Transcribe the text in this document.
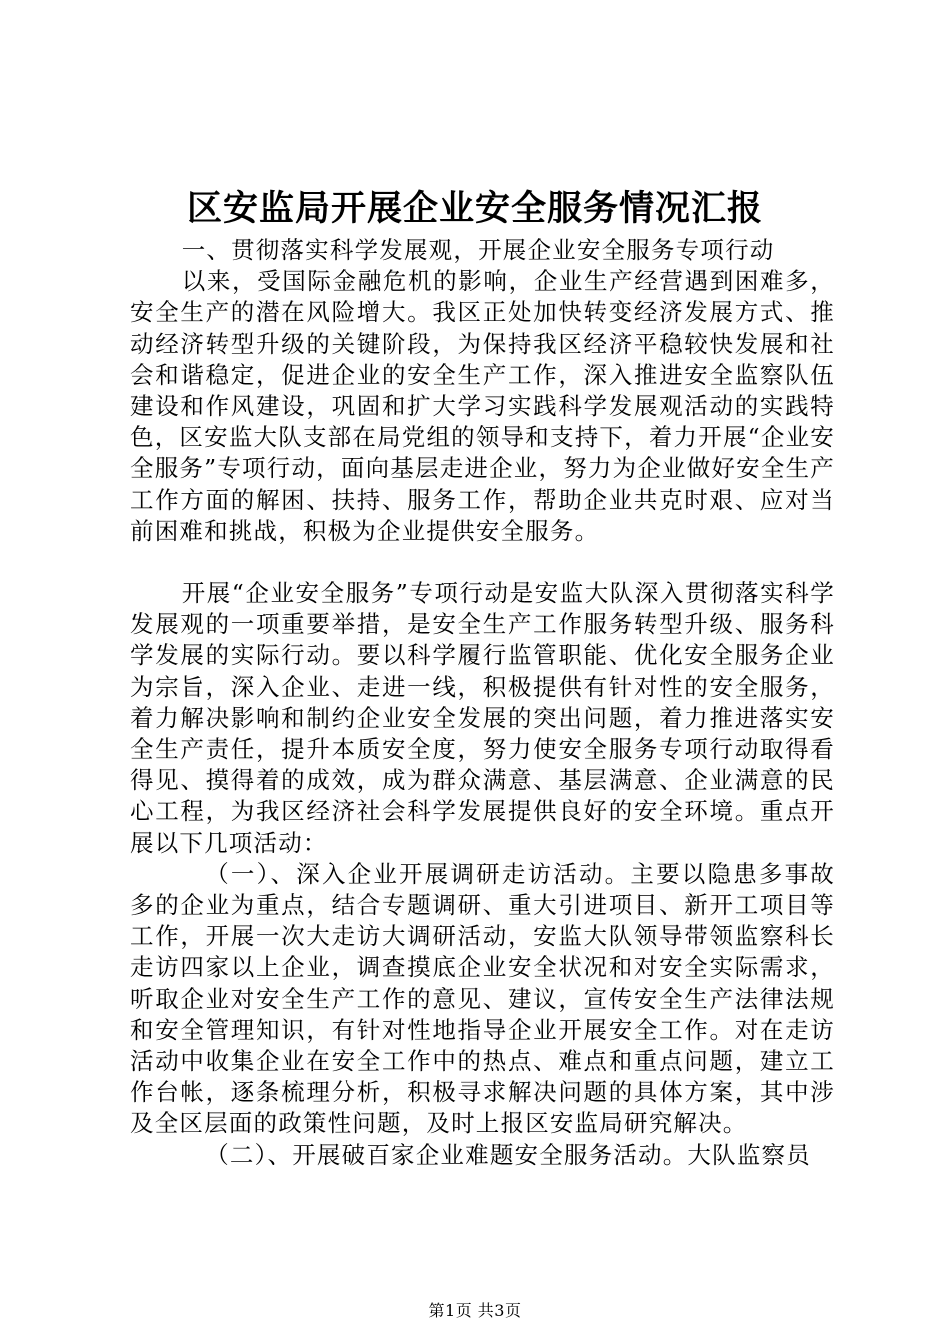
区安监局开展企业安全服务情况汇报

一、贯彻落实科学发展观，开展企业安全服务专项行动

以来，受国际金融危机的影响，企业生产经营遇到困难多，安全生产的潜在风险增大。我区正处加快转变经济发展方式、推动经济转型升级的关键阶段，为保持我区经济平稳较快发展和社会和谐稳定，促进企业的安全生产工作，深入推进安全监察队伍建设和作风建设，巩固和扩大学习实践科学发展观活动的实践特色，区安监大队支部在局党组的领导和支持下，着力开展“企业安全服务”专项行动，面向基层走进企业，努力为企业做好安全生产工作方面的解困、扶持、服务工作，帮助企业共克时艰、应对当前困难和挑战，积极为企业提供安全服务。

开展“企业安全服务”专项行动是安监大队深入贯彻落实科学发展观的一项重要举措，是安全生产工作服务转型升级、服务科学发展的实际行动。要以科学履行监管职能、优化安全服务企业为宗旨，深入企业、走进一线，积极提供有针对性的安全服务，着力解决影响和制约企业安全发展的突出问题，着力推进落实安全生产责任，提升本质安全度，努力使安全服务专项行动取得看得见、摸得着的成效，成为群众满意、基层满意、企业满意的民心工程，为我区经济社会科学发展提供良好的安全环境。重点开展以下几项活动：

（一）、深入企业开展调研走访活动。主要以隐患多事故多的企业为重点，结合专题调研、重大引进项目、新开工项目等工作，开展一次大走访大调研活动，安监大队领导带领监察科长走访四家以上企业，调查摸底企业安全状况和对安全实际需求，听取企业对安全生产工作的意见、建议，宣传安全生产法律法规和安全管理知识，有针对性地指导企业开展安全工作。对在走访活动中收集企业在安全工作中的热点、难点和重点问题，建立工作台帐，逐条梳理分析，积极寻求解决问题的具体方案，其中涉及全区层面的政策性问题，及时上报区安监局研究解决。

（二）、开展破百家企业难题安全服务活动。大队监察员

第1页 共3页
